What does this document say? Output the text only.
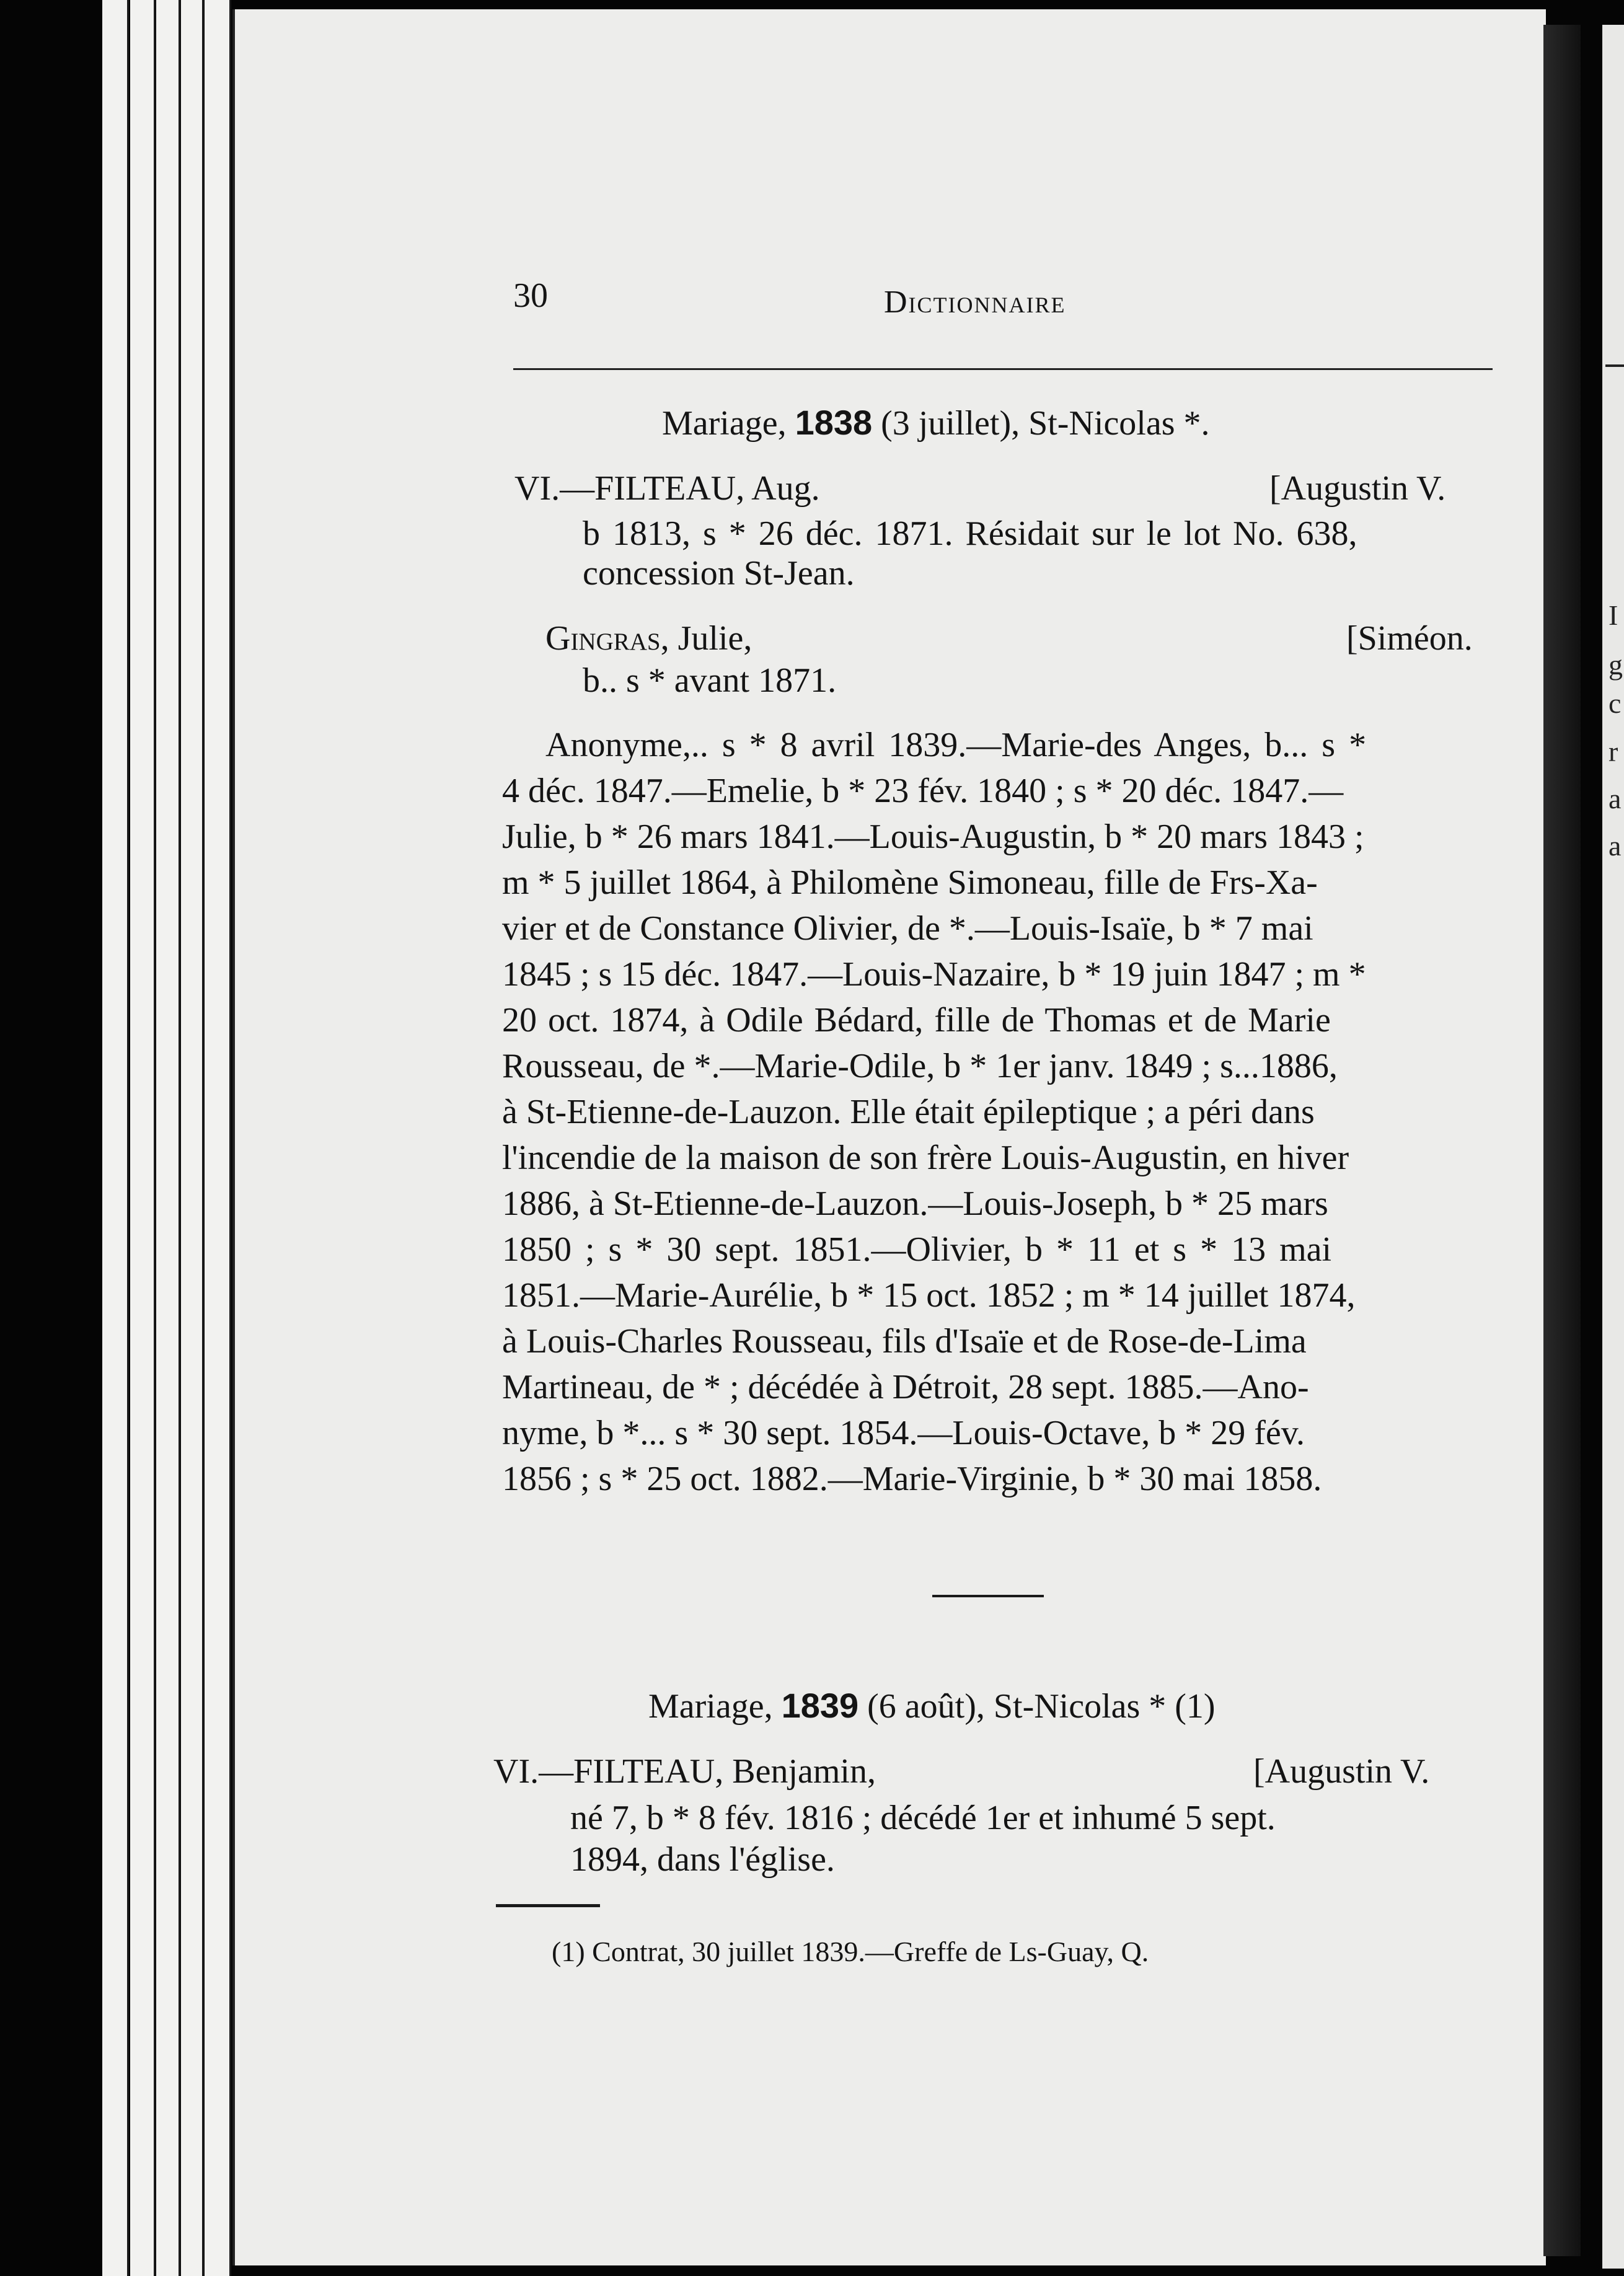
I
g
c
r
a
a
30	Dictionnaire
Mariage, 1838 (3 juillet), St-Nicolas *.
VI.—FILTEAU, Aug.	[Augustin V.
b 1813, s * 26 déc. 1871. Résidait sur le lot No. 638,
concession St-Jean.
Gingras, Julie,	[Siméon.
b.. s * avant 1871.
Anonyme,.. s * 8 avril 1839.—Marie-des Anges, b... s *
4 déc. 1847.—Emelie, b * 23 fév. 1840 ; s * 20 déc. 1847.—
Julie, b * 26 mars 1841.—Louis-Augustin, b * 20 mars 1843 ;
m * 5 juillet 1864, à Philomène Simoneau, fille de Frs-Xa-
vier et de Constance Olivier, de *.—Louis-Isaïe, b * 7 mai
1845 ; s 15 déc. 1847.—Louis-Nazaire, b * 19 juin 1847 ; m *
20 oct. 1874, à Odile Bédard, fille de Thomas et de Marie
Rousseau, de *.—Marie-Odile, b * 1er janv. 1849 ; s...1886,
à St-Etienne-de-Lauzon. Elle était épileptique ; a péri dans
l'incendie de la maison de son frère Louis-Augustin, en hiver
1886, à St-Etienne-de-Lauzon.—Louis-Joseph, b * 25 mars
1850 ; s * 30 sept. 1851.—Olivier, b * 11 et s * 13 mai
1851.—Marie-Aurélie, b * 15 oct. 1852 ; m * 14 juillet 1874,
à Louis-Charles Rousseau, fils d'Isaïe et de Rose-de-Lima
Martineau, de * ; décédée à Détroit, 28 sept. 1885.—Ano-
nyme, b *... s * 30 sept. 1854.—Louis-Octave, b * 29 fév.
1856 ; s * 25 oct. 1882.—Marie-Virginie, b * 30 mai 1858.
Mariage, 1839 (6 août), St-Nicolas * (1)
VI.—FILTEAU, Benjamin,	[Augustin V.
né 7, b * 8 fév. 1816 ; décédé 1er et inhumé 5 sept.
1894, dans l'église.
(1) Contrat, 30 juillet 1839.—Greffe de Ls-Guay, Q.
